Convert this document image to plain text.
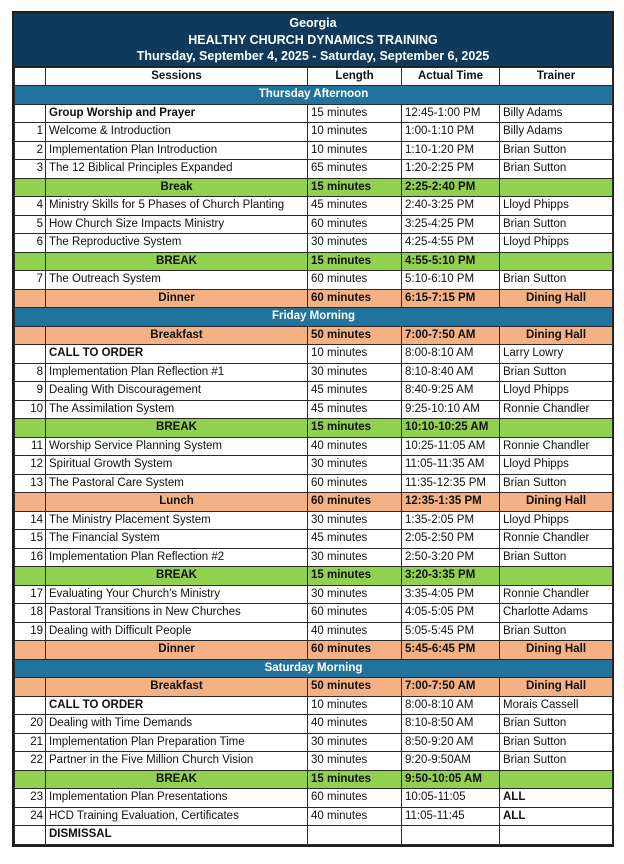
Georgia
HEALTHY CHURCH DYNAMICS TRAINING
Thursday, September 4, 2025 - Saturday, September 6, 2025
	Sessions	Length	Actual Time	Trainer
Thursday Afternoon				
	Group Worship and Prayer	15 minutes	12:45-1:00 PM	Billy Adams
1	Welcome & Introduction	10 minutes	1:00-1:10 PM	Billy Adams
2	Implementation Plan Introduction	10 minutes	1:10-1:20 PM	Brian Sutton
3	The 12 Biblical Principles Expanded	65 minutes	1:20-2:25 PM	Brian Sutton
	Break	15 minutes	2:25-2:40 PM	
4	Ministry Skills for 5 Phases of Church Planting	45 minutes	2:40-3:25 PM	Lloyd Phipps
5	How Church Size Impacts Ministry	60 minutes	3:25-4:25 PM	Brian Sutton
6	The Reproductive System	30 minutes	4:25-4:55 PM	Lloyd Phipps
	BREAK	15 minutes	4:55-5:10 PM	
7	The Outreach System	60 minutes	5:10-6:10 PM	Brian Sutton
	Dinner	60 minutes	6:15-7:15 PM	Dining Hall
Friday Morning				
	Breakfast	50 minutes	7:00-7:50 AM	Dining Hall
	CALL TO ORDER	10 minutes	8:00-8:10 AM	Larry Lowry
8	Implementation Plan Reflection #1	30 minutes	8:10-8:40 AM	Brian Sutton
9	Dealing With Discouragement	45 minutes	8:40-9:25 AM	Lloyd Phipps
10	The Assimilation System	45 minutes	9:25-10:10 AM	Ronnie Chandler
	BREAK	15 minutes	10:10-10:25 AM	
11	Worship Service Planning System	40 minutes	10:25-11:05 AM	Ronnie Chandler
12	Spiritual Growth System	30 minutes	11:05-11:35 AM	Lloyd Phipps
13	The Pastoral Care System	60 minutes	11:35-12:35 PM	Brian Sutton
	Lunch	60 minutes	12:35-1:35 PM	Dining Hall
14	The Ministry Placement System	30 minutes	1:35-2:05 PM	Lloyd Phipps
15	The Financial System	45 minutes	2:05-2:50 PM	Ronnie Chandler
16	Implementation Plan Reflection #2	30 minutes	2:50-3:20 PM	Brian Sutton
	BREAK	15 minutes	3:20-3:35 PM	
17	Evaluating Your Church's Ministry	30 minutes	3:35-4:05 PM	Ronnie Chandler
18	Pastoral Transitions in New Churches	60 minutes	4:05-5:05 PM	Charlotte Adams
19	Dealing with Difficult People	40 minutes	5:05-5:45 PM	Brian Sutton
	Dinner	60 minutes	5:45-6:45 PM	Dining Hall
Saturday Morning				
	Breakfast	50 minutes	7:00-7:50 AM	Dining Hall
	CALL TO ORDER	10 minutes	8:00-8:10 AM	Morais Cassell
20	Dealing with Time Demands	40 minutes	8:10-8:50 AM	Brian Sutton
21	Implementation Plan Preparation Time	30 minutes	8:50-9:20 AM	Brian Sutton
22	Partner in the Five Million Church Vision	30 minutes	9:20-9:50AM	Brian Sutton
	BREAK	15 minutes	9:50-10:05 AM	
23	Implementation Plan Presentations	60 minutes	10:05-11:05	ALL
24	HCD Training Evaluation, Certificates	40 minutes	11:05-11:45	ALL
	DISMISSAL			
